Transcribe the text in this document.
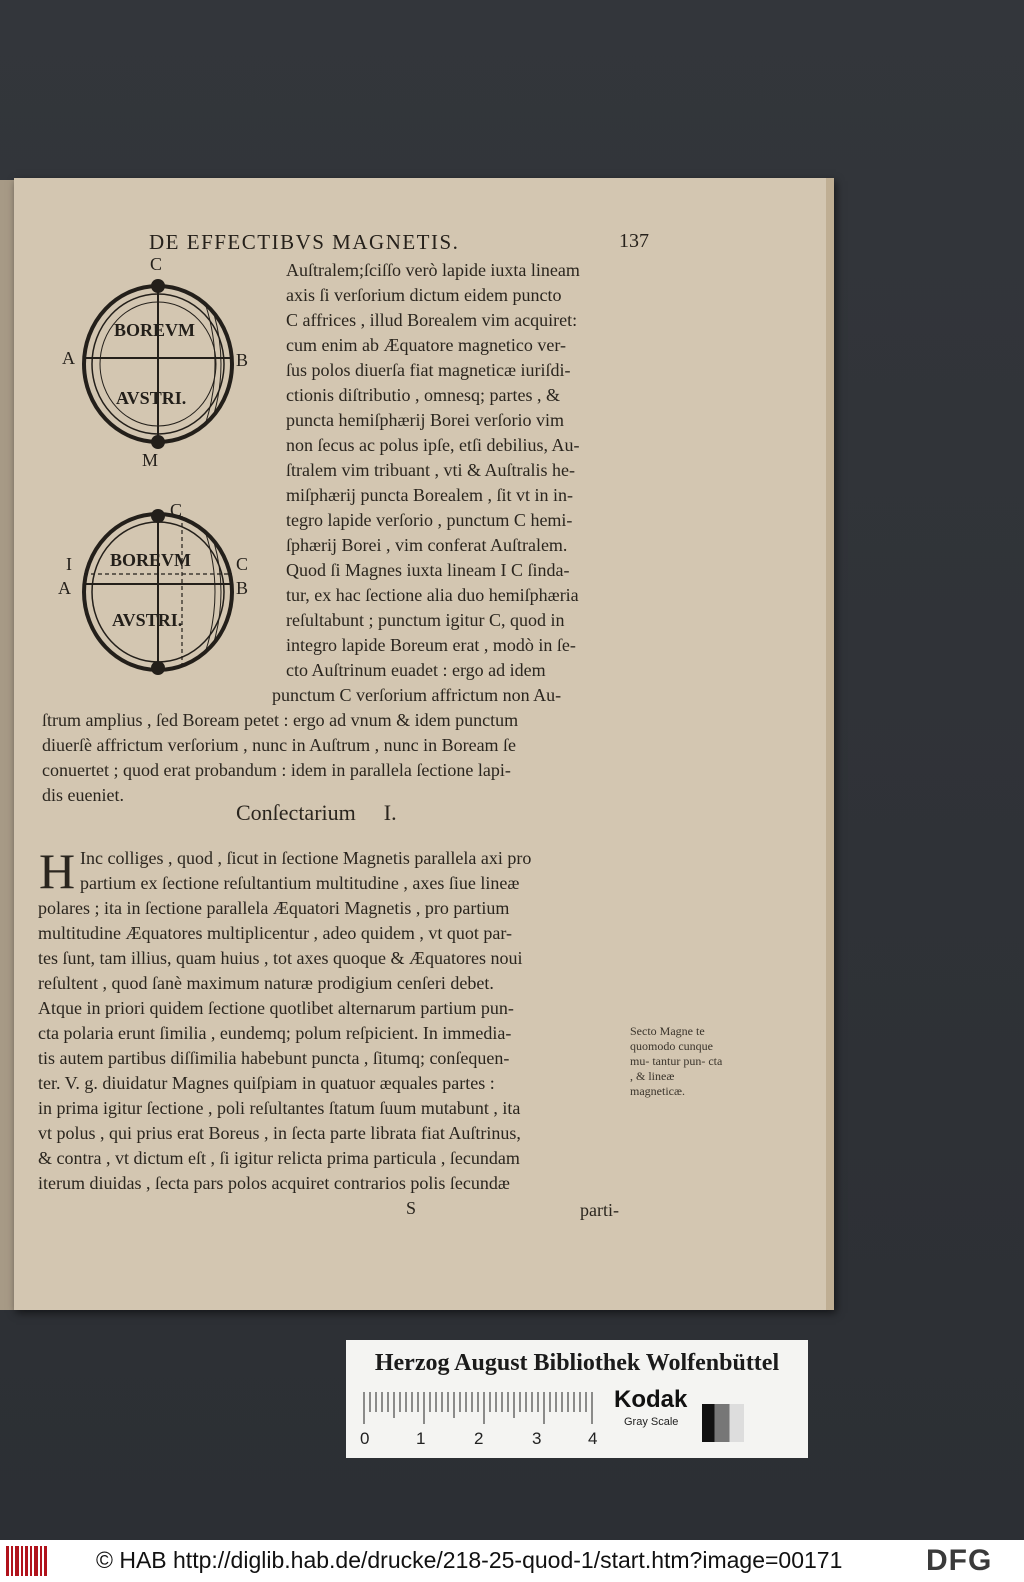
DE EFFECTIBVS MAGNETIS.	137
C
M
A	B
BOREVM
AVSTRI.
C
I
A
C
B
BOREVM
AVSTRI.
Auſtralem;ſciſſo verò lapide iuxta lineam
axis ſi verſorium dictum eidem puncto
C affrices , illud Borealem vim acquiret:
cum enim ab Æquatore magnetico ver-
ſus polos diuerſa fiat magneticæ iuriſdi-
ctionis diſtributio , omnesq; partes , &
puncta hemiſphærij Borei verſorio vim
non ſecus ac polus ipſe, etſi debilius, Au-
ſtralem vim tribuant , vti & Auſtralis he-
miſphærij puncta Borealem , ſit vt in in-
tegro lapide verſorio , punctum C hemi-
ſphærij Borei , vim conferat Auſtralem.
Quod ſi Magnes iuxta lineam I C ſinda-
tur, ex hac ſectione alia duo hemiſphæria
reſultabunt ; punctum igitur C, quod in
integro lapide Boreum erat , modò in ſe-
cto Auſtrinum euadet : ergo ad idem
punctum C verſorium affrictum non Au-
ſtrum amplius , ſed Boream petet : ergo ad vnum & idem punctum
diuerſè affrictum verſorium , nunc in Auſtrum , nunc in Boream ſe
conuertet ; quod erat probandum : idem in parallela ſectione lapi-
dis eueniet.
Conſectarium I.
H Inc colliges , quod , ſicut in ſectione Magnetis parallela axi pro
partium ex ſectione reſultantium multitudine , axes ſiue lineæ
polares ; ita in ſectione parallela Æquatori Magnetis , pro partium
multitudine Æquatores multiplicentur , adeo quidem , vt quot par-
tes ſunt, tam illius, quam huius , tot axes quoque & Æquatores noui
reſultent , quod ſanè maximum naturæ prodigium cenſeri debet.
Atque in priori quidem ſectione quotlibet alternarum partium pun-
cta polaria erunt ſimilia , eundemq; polum reſpicient. In immedia-
tis autem partibus diſſimilia habebunt puncta , ſitumq; conſequen-
ter. V. g. diuidatur Magnes quiſpiam in quatuor æquales partes :
in prima igitur ſectione , poli reſultantes ſtatum ſuum mutabunt , ita
vt polus , qui prius erat Boreus , in ſecta parte librata fiat Auſtrinus,
& contra , vt dictum eſt , ſi igitur relicta prima particula , ſecundam
iterum diuidas , ſecta pars polos acquiret contrarios polis ſecundæ
Secto Magne te quomodo cunque mu- tantur pun- cta , & lineæ magneticæ.
S	parti-
Herzog August Bibliothek Wolfenbüttel
0	1	2	3	4
Kodak
Gray Scale
© HAB http://diglib.hab.de/drucke/218-25-quod-1/start.htm?image=00171	DFG
